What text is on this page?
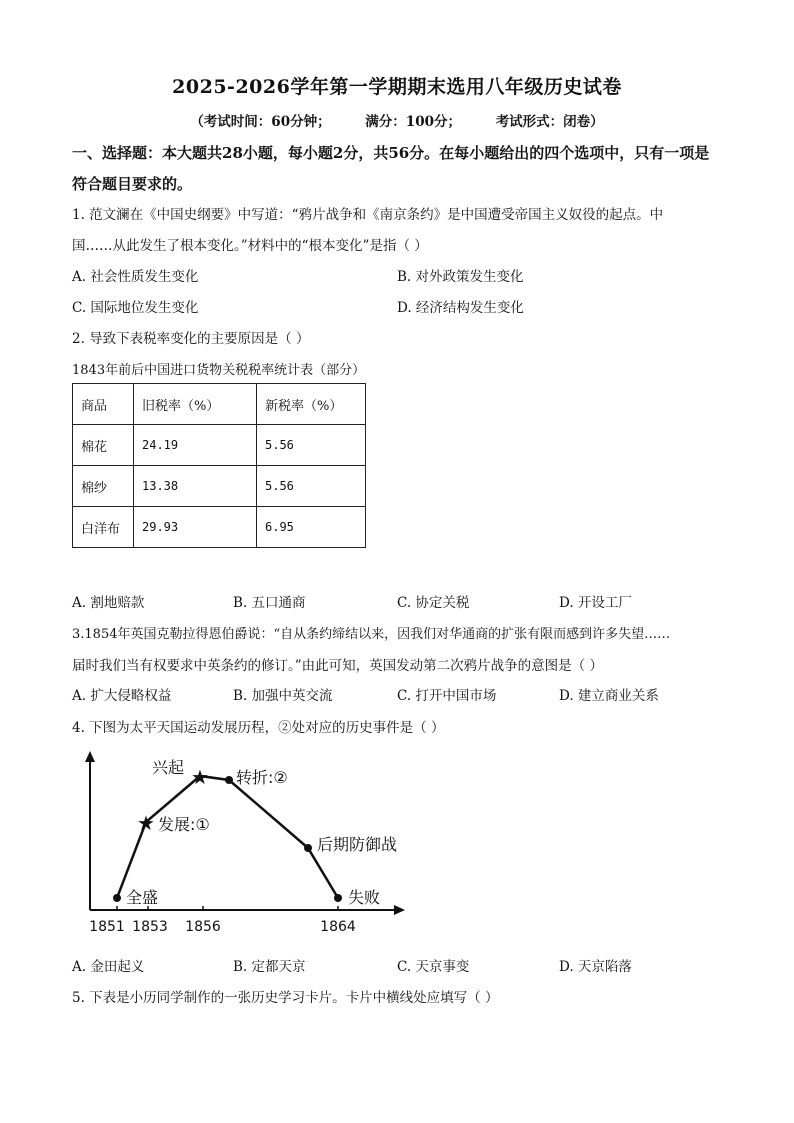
2025-2026学年第一学期期末选用八年级历史试卷
（考试时间：60分钟；	满分：100分；	考试形式：闭卷）
一、选择题：本大题共28小题，每小题2分，共56分。在每小题给出的四个选项中，只有一项是符合题目要求的。
1. 范文澜在《中国史纲要》中写道：“鸦片战争和《南京条约》是中国遭受帝国主义奴役的起点。中
国……从此发生了根本变化。”材料中的“根本变化”是指（ ）
A. 社会性质发生变化	B. 对外政策发生变化
C. 国际地位发生变化	D. 经济结构发生变化
2. 导致下表税率变化的主要原因是（ ）
1843年前后中国进口货物关税税率统计表（部分）
商品	旧税率（%）	新税率（%）
棉花	24.19	5.56
棉纱	13.38	5.56
白洋布	29.93	6.95
A. 割地赔款	B. 五口通商	C. 协定关税	D. 开设工厂
3.1854年英国克勒拉得恩伯爵说：“自从条约缔结以来，因我们对华通商的扩张有限而感到许多失望……
届时我们当有权要求中英条约的修订。”由此可知，英国发动第二次鸦片战争的意图是（ ）
A. 扩大侵略权益	B. 加强中英交流	C. 打开中国市场	D. 建立商业关系
4. 下图为太平天国运动发展历程，②处对应的历史事件是（ ）
★
★
兴起
发展:①
转折:②
后期防御战
全盛	失败
1851 1853 1856	1864
A. 金田起义	B. 定都天京	C. 天京事变	D. 天京陷落
5. 下表是小历同学制作的一张历史学习卡片。卡片中横线处应填写（ ）
